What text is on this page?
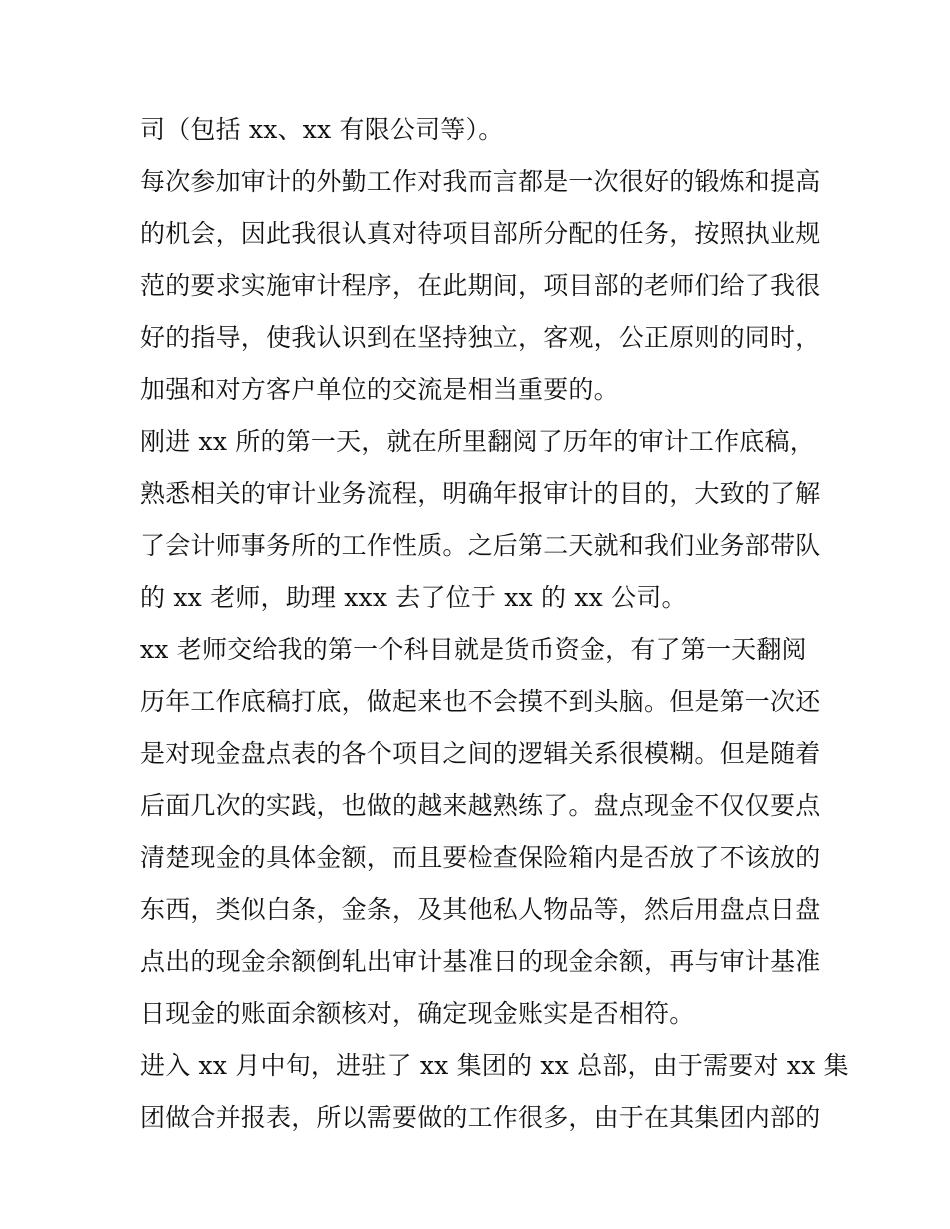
司（包括 xx、xx 有限公司等）。
每次参加审计的外勤工作对我而言都是一次很好的锻炼和提高
的机会，因此我很认真对待项目部所分配的任务，按照执业规
范的要求实施审计程序，在此期间，项目部的老师们给了我很
好的指导，使我认识到在坚持独立，客观，公正原则的同时，
加强和对方客户单位的交流是相当重要的。
刚进 xx 所的第一天，就在所里翻阅了历年的审计工作底稿，
熟悉相关的审计业务流程，明确年报审计的目的，大致的了解
了会计师事务所的工作性质。之后第二天就和我们业务部带队
的 xx 老师，助理 xxx 去了位于 xx 的 xx 公司。
xx 老师交给我的第一个科目就是货币资金，有了第一天翻阅
历年工作底稿打底，做起来也不会摸不到头脑。但是第一次还
是对现金盘点表的各个项目之间的逻辑关系很模糊。但是随着
后面几次的实践，也做的越来越熟练了。盘点现金不仅仅要点
清楚现金的具体金额，而且要检查保险箱内是否放了不该放的
东西，类似白条，金条，及其他私人物品等，然后用盘点日盘
点出的现金余额倒轧出审计基准日的现金余额，再与审计基准
日现金的账面余额核对，确定现金账实是否相符。
进入 xx 月中旬，进驻了 xx 集团的 xx 总部，由于需要对 xx 集
团做合并报表，所以需要做的工作很多，由于在其集团内部的
